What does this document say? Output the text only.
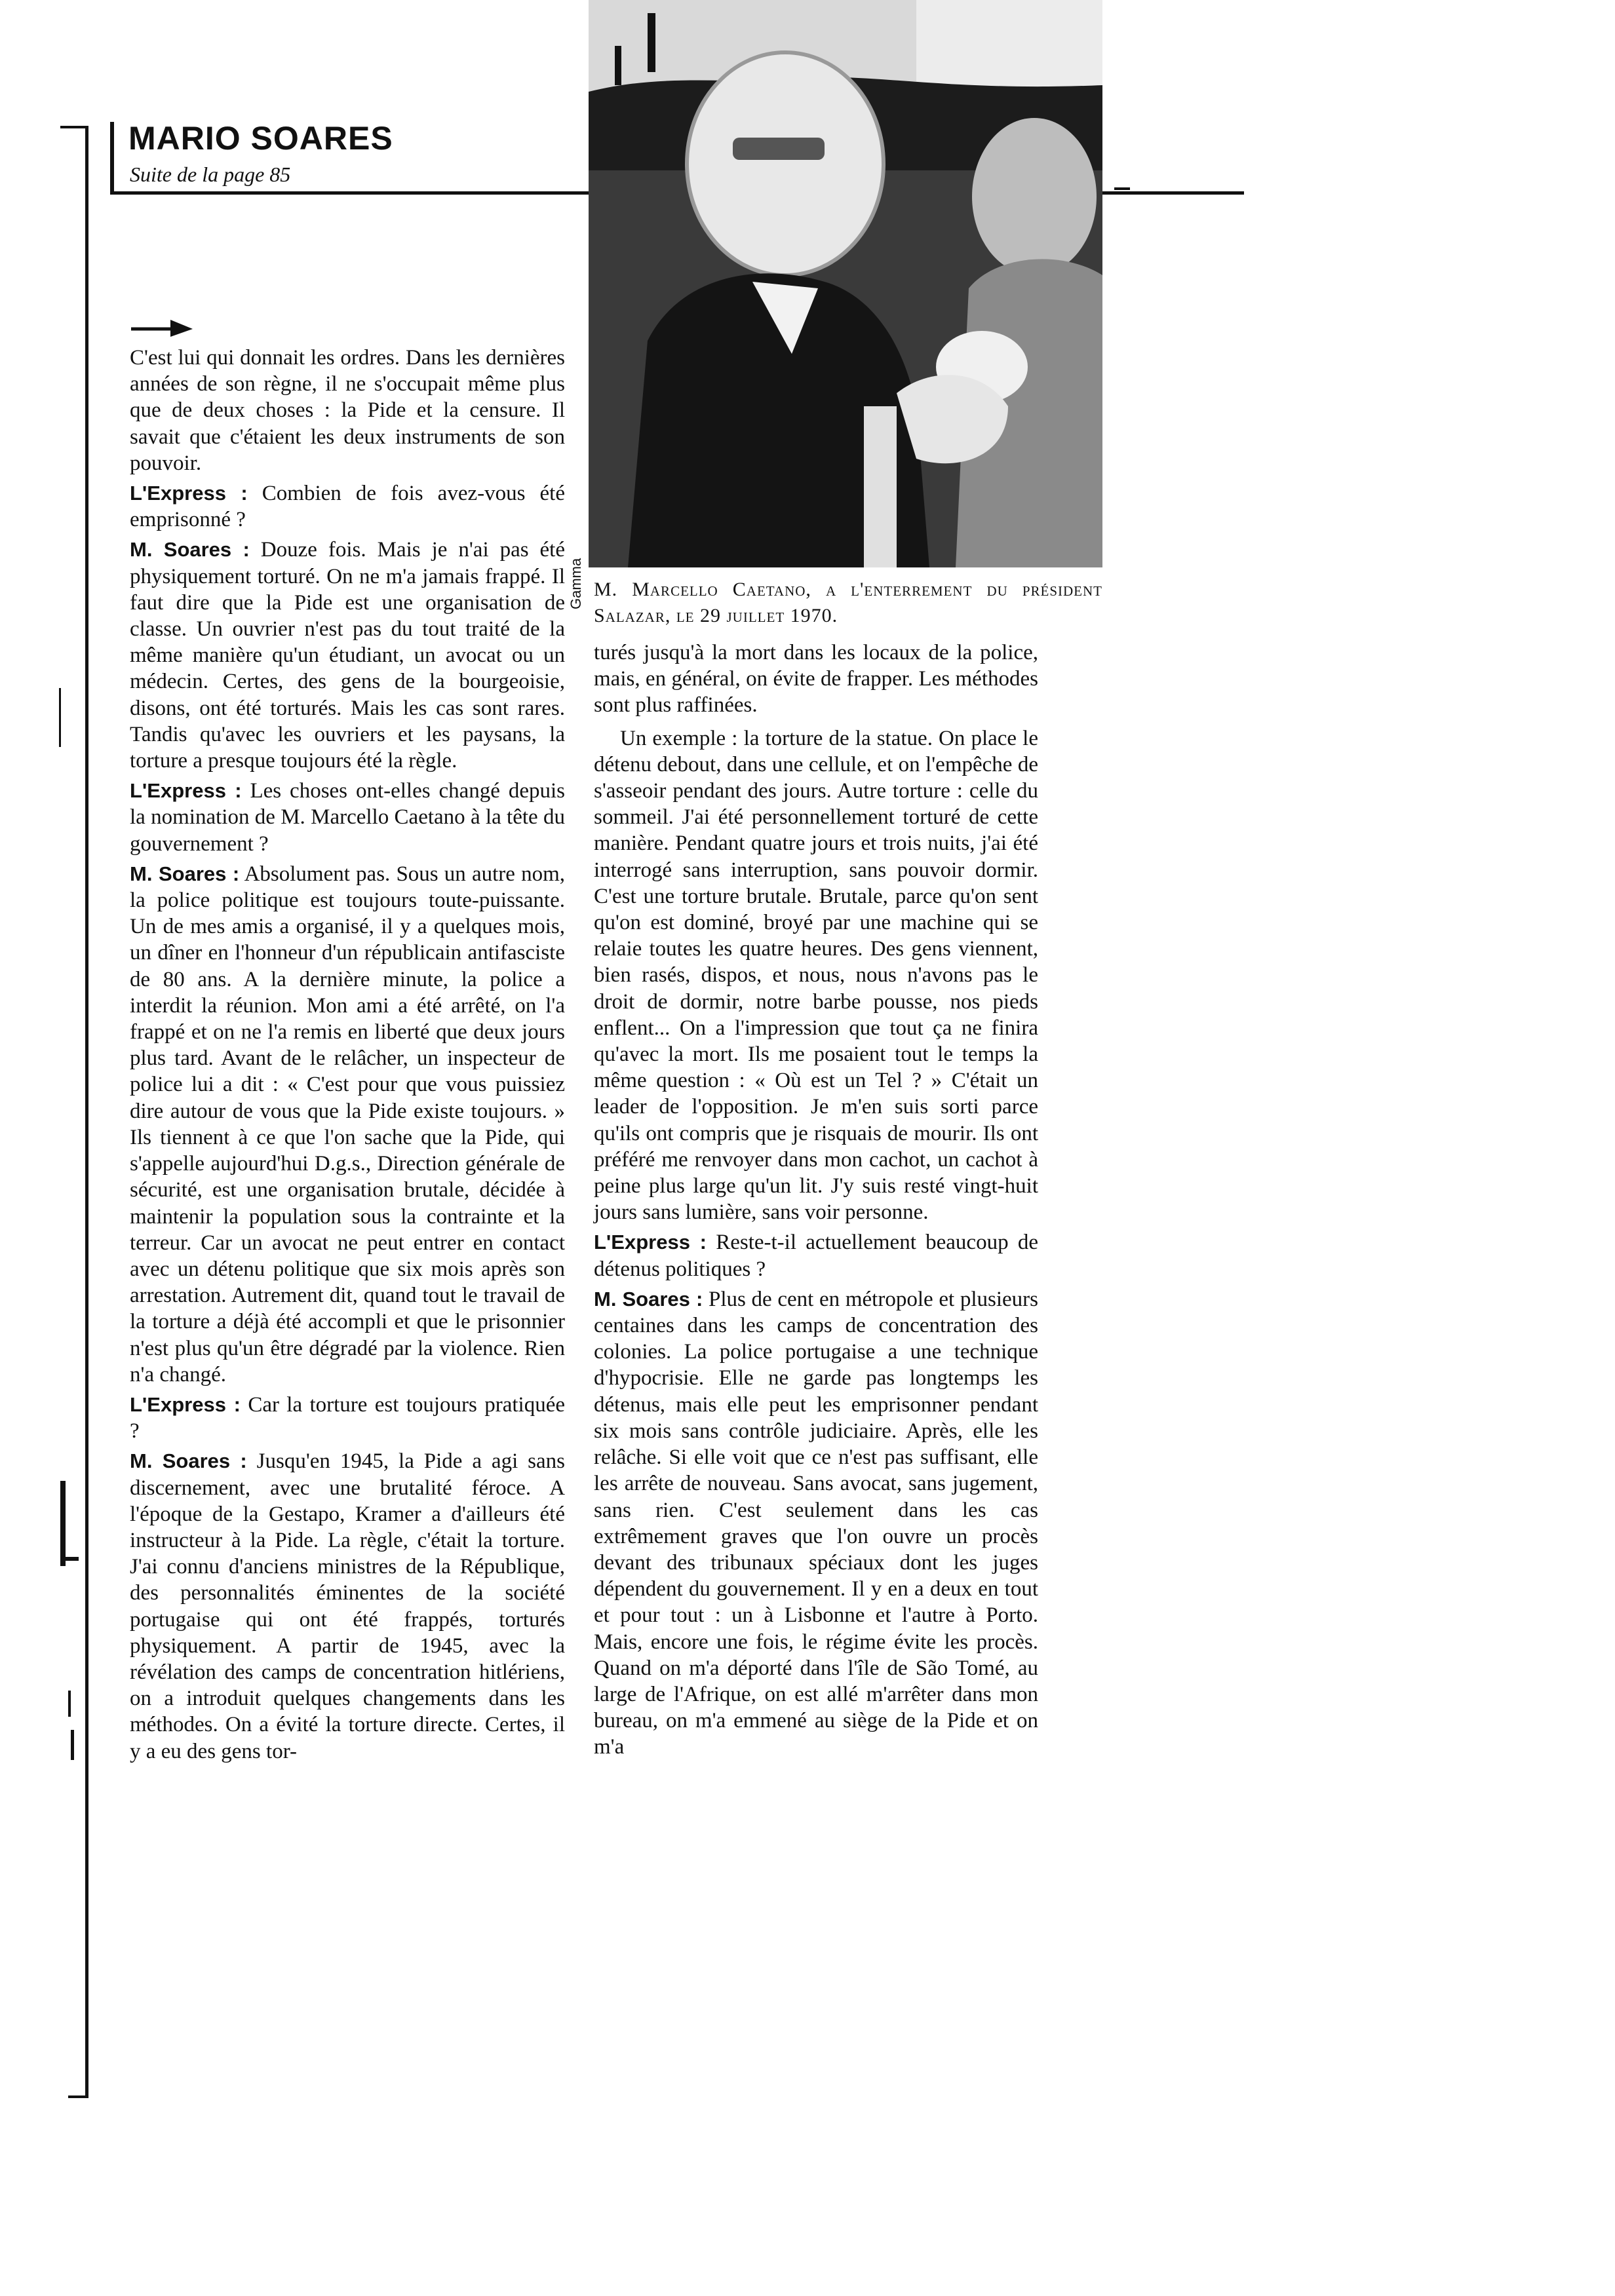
MARIO SOARES
Suite de la page 85
Gamma M. Marcello Caetano, a l'enterrement du président Salazar, le 29 juillet 1970.

C'est lui qui donnait les ordres. Dans les dernières années de son règne, il ne s'occupait même plus que de deux choses : la Pide et la censure. Il savait que c'étaient les deux instruments de son pouvoir.

L'Express : Combien de fois avez-vous été emprisonné ?

M. Soares : Douze fois. Mais je n'ai pas été physiquement torturé. On ne m'a jamais frappé. Il faut dire que la Pide est une organisation de classe. Un ouvrier n'est pas du tout traité de la même manière qu'un étudiant, un avocat ou un médecin. Certes, des gens de la bourgeoisie, disons, ont été torturés. Mais les cas sont rares. Tandis qu'avec les ouvriers et les paysans, la torture a presque toujours été la règle.

L'Express : Les choses ont-elles changé depuis la nomination de M. Marcello Caetano à la tête du gouvernement ?

M. Soares : Absolument pas. Sous un autre nom, la police politique est toujours toute-puissante. Un de mes amis a organisé, il y a quelques mois, un dîner en l'honneur d'un républicain antifasciste de 80 ans. A la dernière minute, la police a interdit la réunion. Mon ami a été arrêté, on l'a frappé et on ne l'a remis en liberté que deux jours plus tard. Avant de le relâcher, un inspecteur de police lui a dit : « C'est pour que vous puissiez dire autour de vous que la Pide existe toujours. » Ils tiennent à ce que l'on sache que la Pide, qui s'appelle aujourd'hui D.g.s., Direction générale de sécurité, est une organisation brutale, décidée à maintenir la population sous la contrainte et la terreur. Car un avocat ne peut entrer en contact avec un détenu politique que six mois après son arrestation. Autrement dit, quand tout le travail de la torture a déjà été accompli et que le prisonnier n'est plus qu'un être dégradé par la violence. Rien n'a changé.

L'Express : Car la torture est toujours pratiquée ?

M. Soares : Jusqu'en 1945, la Pide a agi sans discernement, avec une brutalité féroce. A l'époque de la Gestapo, Kramer a d'ailleurs été instructeur à la Pide. La règle, c'était la torture. J'ai connu d'anciens ministres de la République, des personnalités éminentes de la société portugaise qui ont été frappés, torturés physiquement. A partir de 1945, avec la révélation des camps de concentration hitlériens, on a introduit quelques changements dans les méthodes. On a évité la torture directe. Certes, il y a eu des gens tor-

turés jusqu'à la mort dans les locaux de la police, mais, en général, on évite de frapper. Les méthodes sont plus raffinées.

Un exemple : la torture de la statue. On place le détenu debout, dans une cellule, et on l'empêche de s'asseoir pendant des jours. Autre torture : celle du sommeil. J'ai été personnellement torturé de cette manière. Pendant quatre jours et trois nuits, j'ai été interrogé sans interruption, sans pouvoir dormir. C'est une torture brutale. Brutale, parce qu'on sent qu'on est dominé, broyé par une machine qui se relaie toutes les quatre heures. Des gens viennent, bien rasés, dispos, et nous, nous n'avons pas le droit de dormir, notre barbe pousse, nos pieds enflent... On a l'impression que tout ça ne finira qu'avec la mort. Ils me posaient tout le temps la même question : « Où est un Tel ? » C'était un leader de l'opposition. Je m'en suis sorti parce qu'ils ont compris que je risquais de mourir. Ils ont préféré me renvoyer dans mon cachot, un cachot à peine plus large qu'un lit. J'y suis resté vingt-huit jours sans lumière, sans voir personne.

L'Express : Reste-t-il actuellement beaucoup de détenus politiques ?

M. Soares : Plus de cent en métropole et plusieurs centaines dans les camps de concentration des colonies. La police portugaise a une technique d'hypocrisie. Elle ne garde pas longtemps les détenus, mais elle peut les emprisonner pendant six mois sans contrôle judiciaire. Après, elle les relâche. Si elle voit que ce n'est pas suffisant, elle les arrête de nouveau. Sans avocat, sans jugement, sans rien. C'est seulement dans les cas extrêmement graves que l'on ouvre un procès devant des tribunaux spéciaux dont les juges dépendent du gouvernement. Il y en a deux en tout et pour tout : un à Lisbonne et l'autre à Porto. Mais, encore une fois, le régime évite les procès. Quand on m'a déporté dans l'île de São Tomé, au large de l'Afrique, on est allé m'arrêter dans mon bureau, on m'a emmené au siège de la Pide et on m'a
